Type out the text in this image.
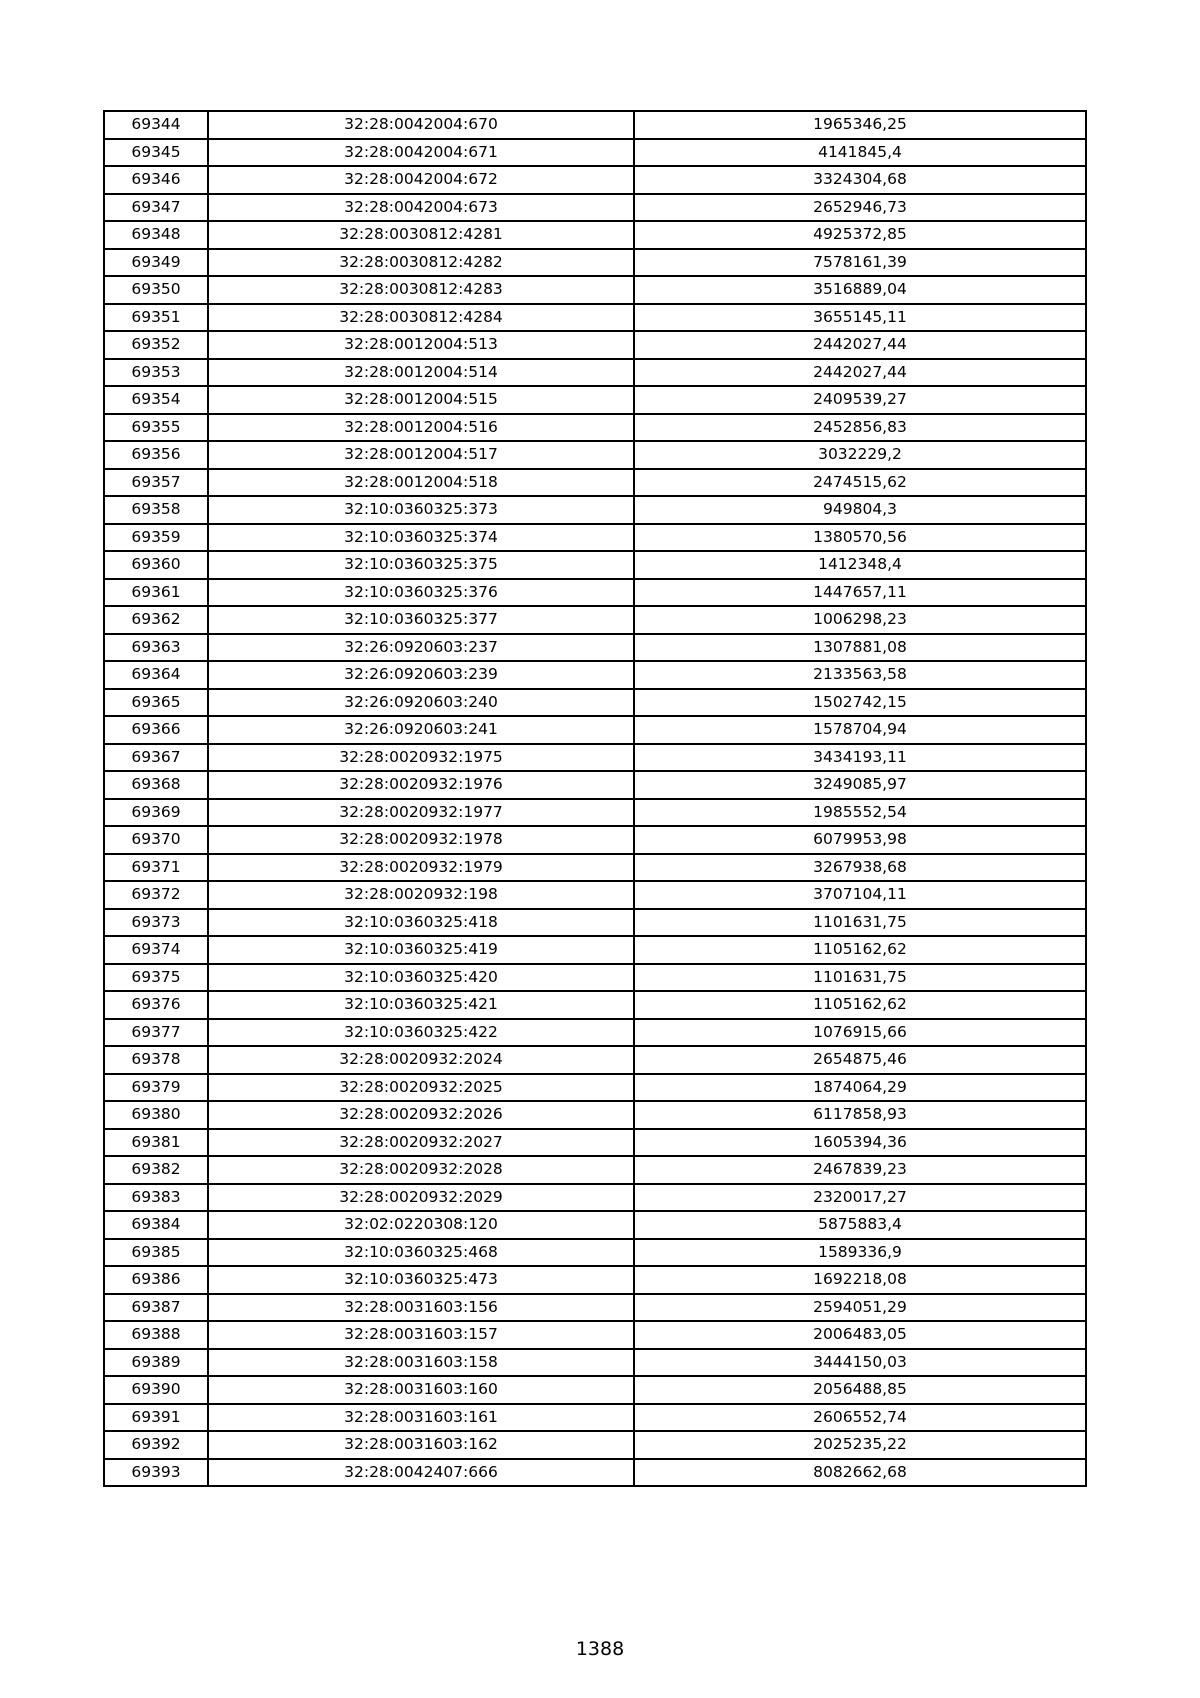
69344	32:28:0042004:670	1965346,25
69345	32:28:0042004:671	4141845,4
69346	32:28:0042004:672	3324304,68
69347	32:28:0042004:673	2652946,73
69348	32:28:0030812:4281	4925372,85
69349	32:28:0030812:4282	7578161,39
69350	32:28:0030812:4283	3516889,04
69351	32:28:0030812:4284	3655145,11
69352	32:28:0012004:513	2442027,44
69353	32:28:0012004:514	2442027,44
69354	32:28:0012004:515	2409539,27
69355	32:28:0012004:516	2452856,83
69356	32:28:0012004:517	3032229,2
69357	32:28:0012004:518	2474515,62
69358	32:10:0360325:373	949804,3
69359	32:10:0360325:374	1380570,56
69360	32:10:0360325:375	1412348,4
69361	32:10:0360325:376	1447657,11
69362	32:10:0360325:377	1006298,23
69363	32:26:0920603:237	1307881,08
69364	32:26:0920603:239	2133563,58
69365	32:26:0920603:240	1502742,15
69366	32:26:0920603:241	1578704,94
69367	32:28:0020932:1975	3434193,11
69368	32:28:0020932:1976	3249085,97
69369	32:28:0020932:1977	1985552,54
69370	32:28:0020932:1978	6079953,98
69371	32:28:0020932:1979	3267938,68
69372	32:28:0020932:198	3707104,11
69373	32:10:0360325:418	1101631,75
69374	32:10:0360325:419	1105162,62
69375	32:10:0360325:420	1101631,75
69376	32:10:0360325:421	1105162,62
69377	32:10:0360325:422	1076915,66
69378	32:28:0020932:2024	2654875,46
69379	32:28:0020932:2025	1874064,29
69380	32:28:0020932:2026	6117858,93
69381	32:28:0020932:2027	1605394,36
69382	32:28:0020932:2028	2467839,23
69383	32:28:0020932:2029	2320017,27
69384	32:02:0220308:120	5875883,4
69385	32:10:0360325:468	1589336,9
69386	32:10:0360325:473	1692218,08
69387	32:28:0031603:156	2594051,29
69388	32:28:0031603:157	2006483,05
69389	32:28:0031603:158	3444150,03
69390	32:28:0031603:160	2056488,85
69391	32:28:0031603:161	2606552,74
69392	32:28:0031603:162	2025235,22
69393	32:28:0042407:666	8082662,68
1388
